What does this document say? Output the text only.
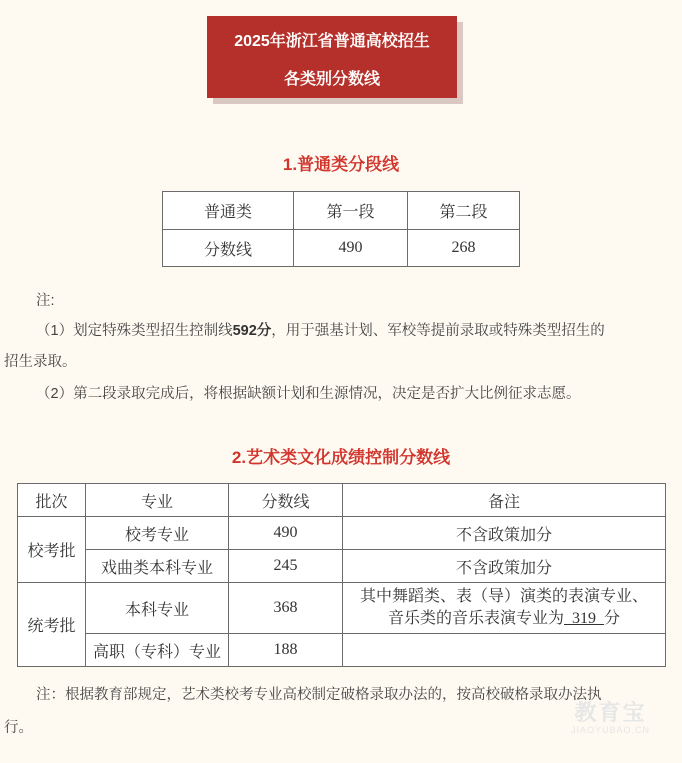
2025年浙江省普通高校招生
各类别分数线
1.普通类分段线
普通类	第一段	第二段
分数线	490	268
注:
（1）划定特殊类型招生控制线592分，用于强基计划、军校等提前录取或特殊类型招生的
招生录取。
（2）第二段录取完成后，将根据缺额计划和生源情况，决定是否扩大比例征求志愿。
2.艺术类文化成绩控制分数线
批次	专业	分数线	备注
校考批	校考专业	490	不含政策加分
	戏曲类本科专业	245	不含政策加分
统考批	本科专业	368	其中舞蹈类、表（导）演类的表演专业、
音乐类的音乐表演专业为 319 分

	高职（专科）专业	188	
注：根据教育部规定，艺术类校考专业高校制定破格录取办法的，按高校破格录取办法执
行。
教育宝
JIAOYUBAO.CN
